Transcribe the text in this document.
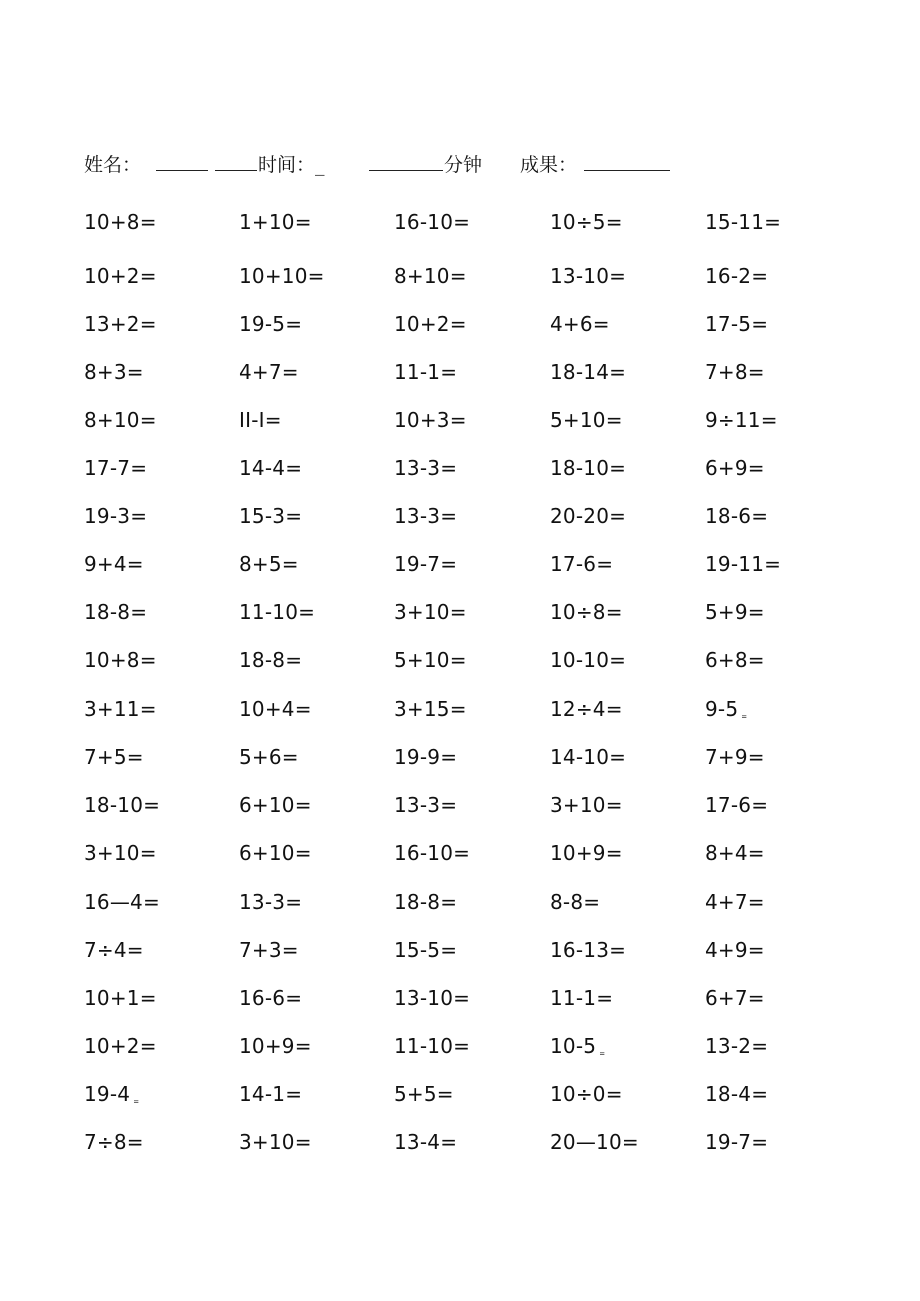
姓名：	时间：_	分钟 成果：
10+8=	1+10=	16-10=	10÷5=	15-11=
10+2=	10+10=	8+10=	13-10=	16-2=
13+2=	19-5=	10+2=	4+6=	17-5=
8+3=	4+7=	11-1=	18-14=	7+8=
8+10=	II-I=	10+3=	5+10=	9÷11=
17-7=	14-4=	13-3=	18-10=	6+9=
19-3=	15-3=	13-3=	20-20=	18-6=
9+4=	8+5=	19-7=	17-6=	19-11=
18-8=	11-10=	3+10=	10÷8=	5+9=
10+8=	18-8=	5+10=	10-10=	6+8=
3+11=	10+4=	3+15=	12÷4=	9-5 =
7+5=	5+6=	19-9=	14-10=	7+9=
18-10=	6+10=	13-3=	3+10=	17-6=
3+10=	6+10=	16-10=	10+9=	8+4=
16—4=	13-3=	18-8=	8-8=	4+7=
7÷4=	7+3=	15-5=	16-13=	4+9=
10+1=	16-6=	13-10=	11-1=	6+7=
10+2=	10+9=	11-10=	10-5 =	13-2=
19-4 =	14-1=	5+5=	10÷0=	18-4=
7÷8=	3+10=	13-4=	20—10=	19-7=
